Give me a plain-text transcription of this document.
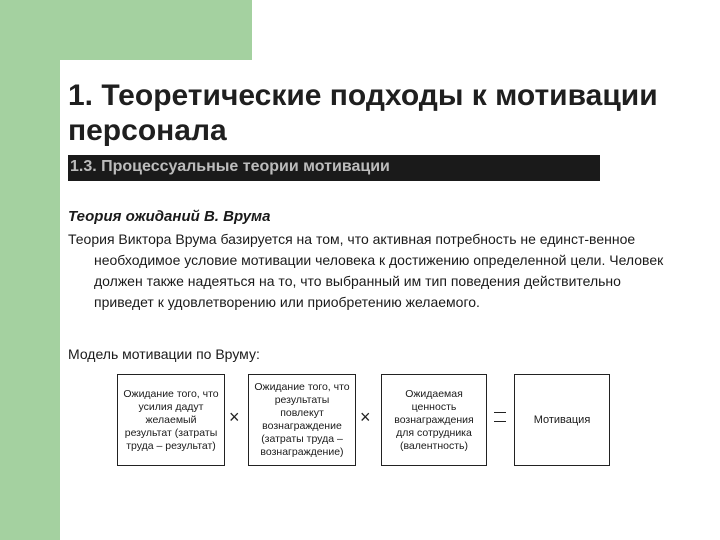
1. Теоретические подходы к мотивации персонала
1.3. Процессуальные теории мотивации
Теория ожиданий В. Врума
Теория Виктора Врума базируется на том, что активная потребность не единст-венное необходимое условие мотивации человека к достижению определенной цели. Человек должен также надеяться на то, что выбранный им тип поведения действительно приведет к удовлетворению или приобретению желаемого.
Модель мотивации по Вруму:
Ожидание того, что усилия дадут желаемый результат (затраты труда – результат)
×
Ожидание того, что результаты повлекут вознаграждение (затраты труда – вознаграждение)
×
Ожидаемая ценность вознаграждения для сотрудника (валентность)
Мотивация
